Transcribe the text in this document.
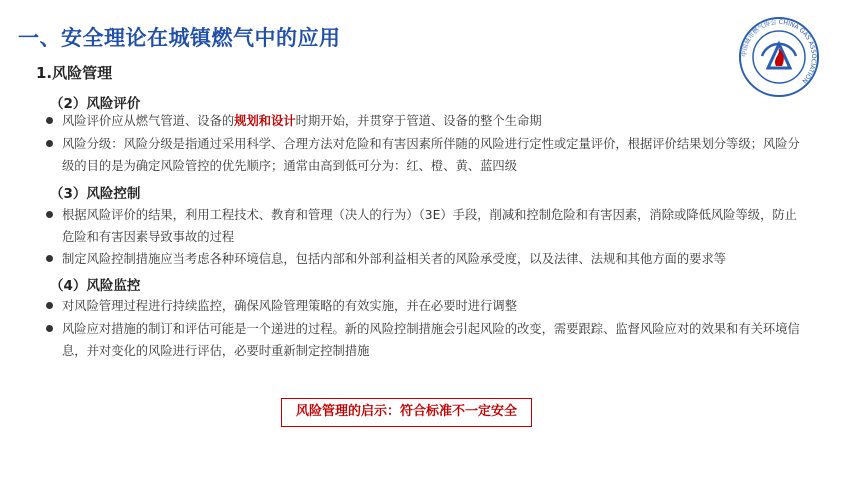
一、安全理论在城镇燃气中的应用
中国城市燃气协会 CHINA GAS ASSOCIATION
1.风险管理
（2）风险评价
风险评价应从燃气管道、设备的规划和设计时期开始，并贯穿于管道、设备的整个生命期
风险分级：风险分级是指通过采用科学、合理方法对危险和有害因素所伴随的风险进行定性或定量评价，根据评价结果划分等级；风险分级的目的是为确定风险管控的优先顺序；通常由高到低可分为：红、橙、黄、蓝四级
（3）风险控制
根据风险评价的结果，利用工程技术、教育和管理（决人的行为）（3E）手段，削减和控制危险和有害因素，消除或降低风险等级，防止危险和有害因素导致事故的过程
制定风险控制措施应当考虑各种环境信息，包括内部和外部利益相关者的风险承受度，以及法律、法规和其他方面的要求等
（4）风险监控
对风险管理过程进行持续监控，确保风险管理策略的有效实施，并在必要时进行调整
风险应对措施的制订和评估可能是一个递进的过程。新的风险控制措施会引起风险的改变，需要跟踪、监督风险应对的效果和有关环境信息，并对变化的风险进行评估，必要时重新制定控制措施
风险管理的启示：符合标准不一定安全
